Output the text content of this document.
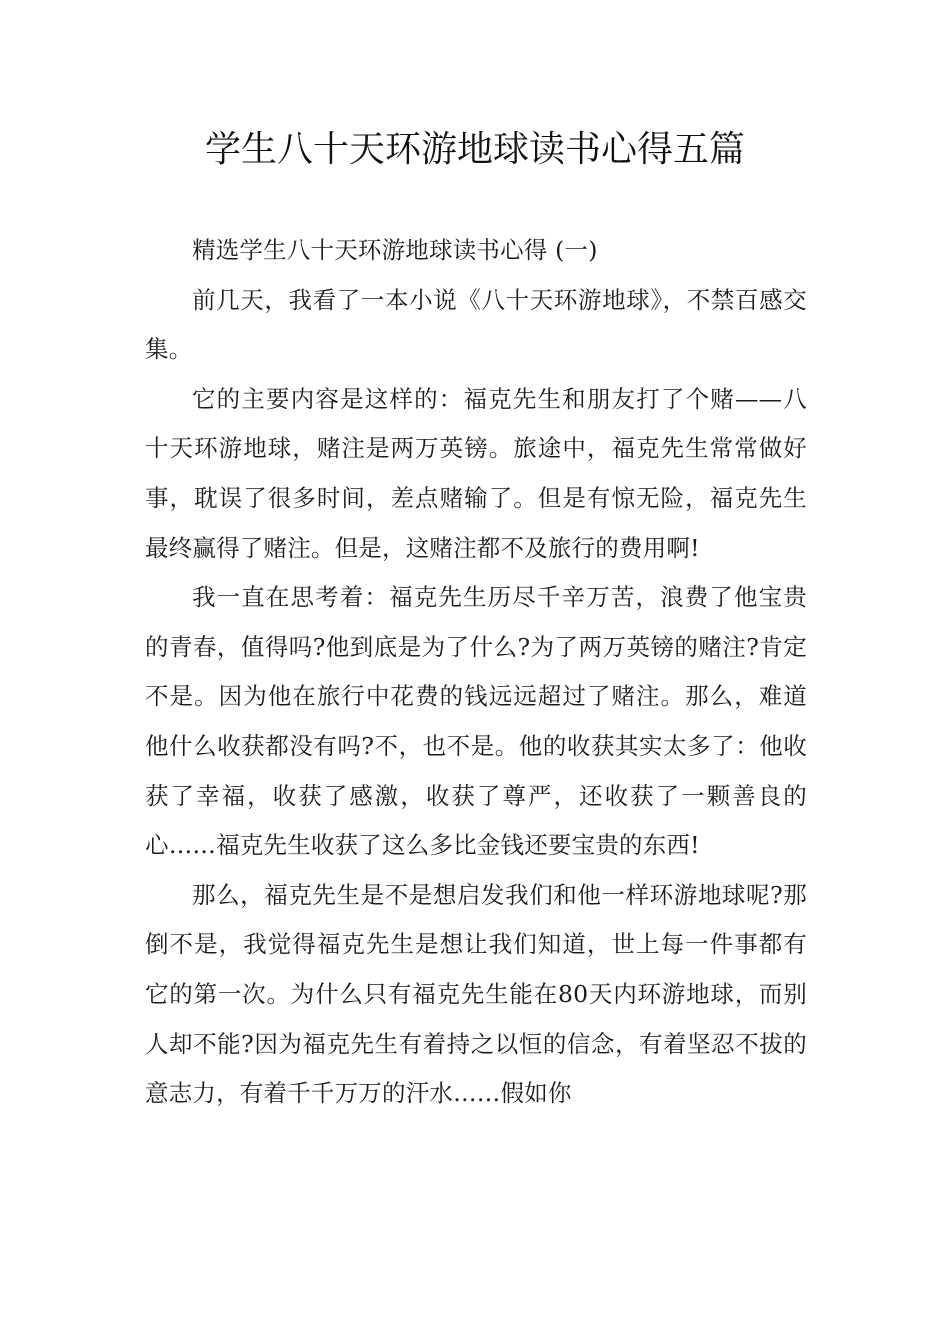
学生八十天环游地球读书心得五篇

精选学生八十天环游地球读书心得 (一)

前几天，我看了一本小说《八十天环游地球》，不禁百感交集。

它的主要内容是这样的：福克先生和朋友打了个赌——八十天环游地球，赌注是两万英镑。旅途中，福克先生常常做好事，耽误了很多时间，差点赌输了。但是有惊无险，福克先生最终赢得了赌注。但是，这赌注都不及旅行的费用啊!

我一直在思考着：福克先生历尽千辛万苦，浪费了他宝贵的青春，值得吗?他到底是为了什么?为了两万英镑的赌注?肯定不是。因为他在旅行中花费的钱远远超过了赌注。那么，难道他什么收获都没有吗?不，也不是。他的收获其实太多了：他收获了幸福，收获了感激，收获了尊严，还收获了一颗善良的心……福克先生收获了这么多比金钱还要宝贵的东西!

那么，福克先生是不是想启发我们和他一样环游地球呢?那倒不是，我觉得福克先生是想让我们知道，世上每一件事都有它的第一次。为什么只有福克先生能在80天内环游地球，而别人却不能?因为福克先生有着持之以恒的信念，有着坚忍不拔的意志力，有着千千万万的汗水……假如你
